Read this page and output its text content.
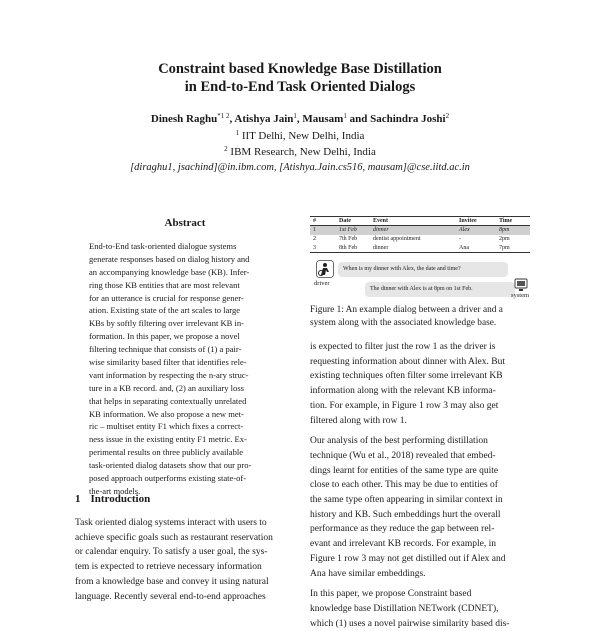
Constraint based Knowledge Base Distillation
in End-to-End Task Oriented Dialogs
Dinesh Raghu$^{*1 2}$, Atishya Jain$^1$, Mausam$^1$ and Sachindra Joshi$^2$
$^1$ IIT Delhi, New Delhi, India
$^2$ IBM Research, New Delhi, India
[diraghu1, jsachind]@in.ibm.com, [Atishya.Jain.cs516, mausam]@cse.iitd.ac.in
Abstract
End-to-End task-oriented dialogue systems
generate responses based on dialog history and
an accompanying knowledge base (KB). Infer-
ring those KB entities that are most relevant
for an utterance is crucial for response gener-
ation. Existing state of the art scales to large
KBs by softly filtering over irrelevant KB in-
formation. In this paper, we propose a novel
filtering technique that consists of (1) a pair-
wise similarity based filter that identifies rele-
vant information by respecting the n-ary struc-
ture in a KB record. and, (2) an auxiliary loss
that helps in separating contextually unrelated
KB information. We also propose a new met-
ric – multiset entity F1 which fixes a correct-
ness issue in the existing entity F1 metric. Ex-
perimental results on three publicly available
task-oriented dialog datasets show that our pro-
posed approach outperforms existing state-of-
the-art models.
1 Introduction
Task oriented dialog systems interact with users to
achieve specific goals such as restaurant reservation
or calendar enquiry. To satisfy a user goal, the sys-
tem is expected to retrieve necessary information
from a knowledge base and convey it using natural
language. Recently several end-to-end approaches
#	Date	Event	Invitee	Time
1	1st Feb	dinner	Alex	8pm
2	7th Feb	dentist appointment	-	2pm
3	8th Feb	dinner	Ana	7pm
driver
When is my dinner with Alex, the date and time?
The dinner with Alex is at 8pm on 1st Feb.
system
Figure 1: An example dialog between a driver and a
system along with the associated knowledge base.
is expected to filter just the row 1 as the driver is
requesting information about dinner with Alex. But
existing techniques often filter some irrelevant KB
information along with the relevant KB informa-
tion. For example, in Figure 1 row 3 may also get
filtered along with row 1.
Our analysis of the best performing distillation
technique (Wu et al., 2018) revealed that embed-
dings learnt for entities of the same type are quite
close to each other. This may be due to entities of
the same type often appearing in similar context in
history and KB. Such embeddings hurt the overall
performance as they reduce the gap between rel-
evant and irrelevant KB records. For example, in
Figure 1 row 3 may not get distilled out if Alex and
Ana have similar embeddings.
In this paper, we propose Constraint based
knowledge base Distillation NETwork (CDNET),
which (1) uses a novel pairwise similarity based dis-
